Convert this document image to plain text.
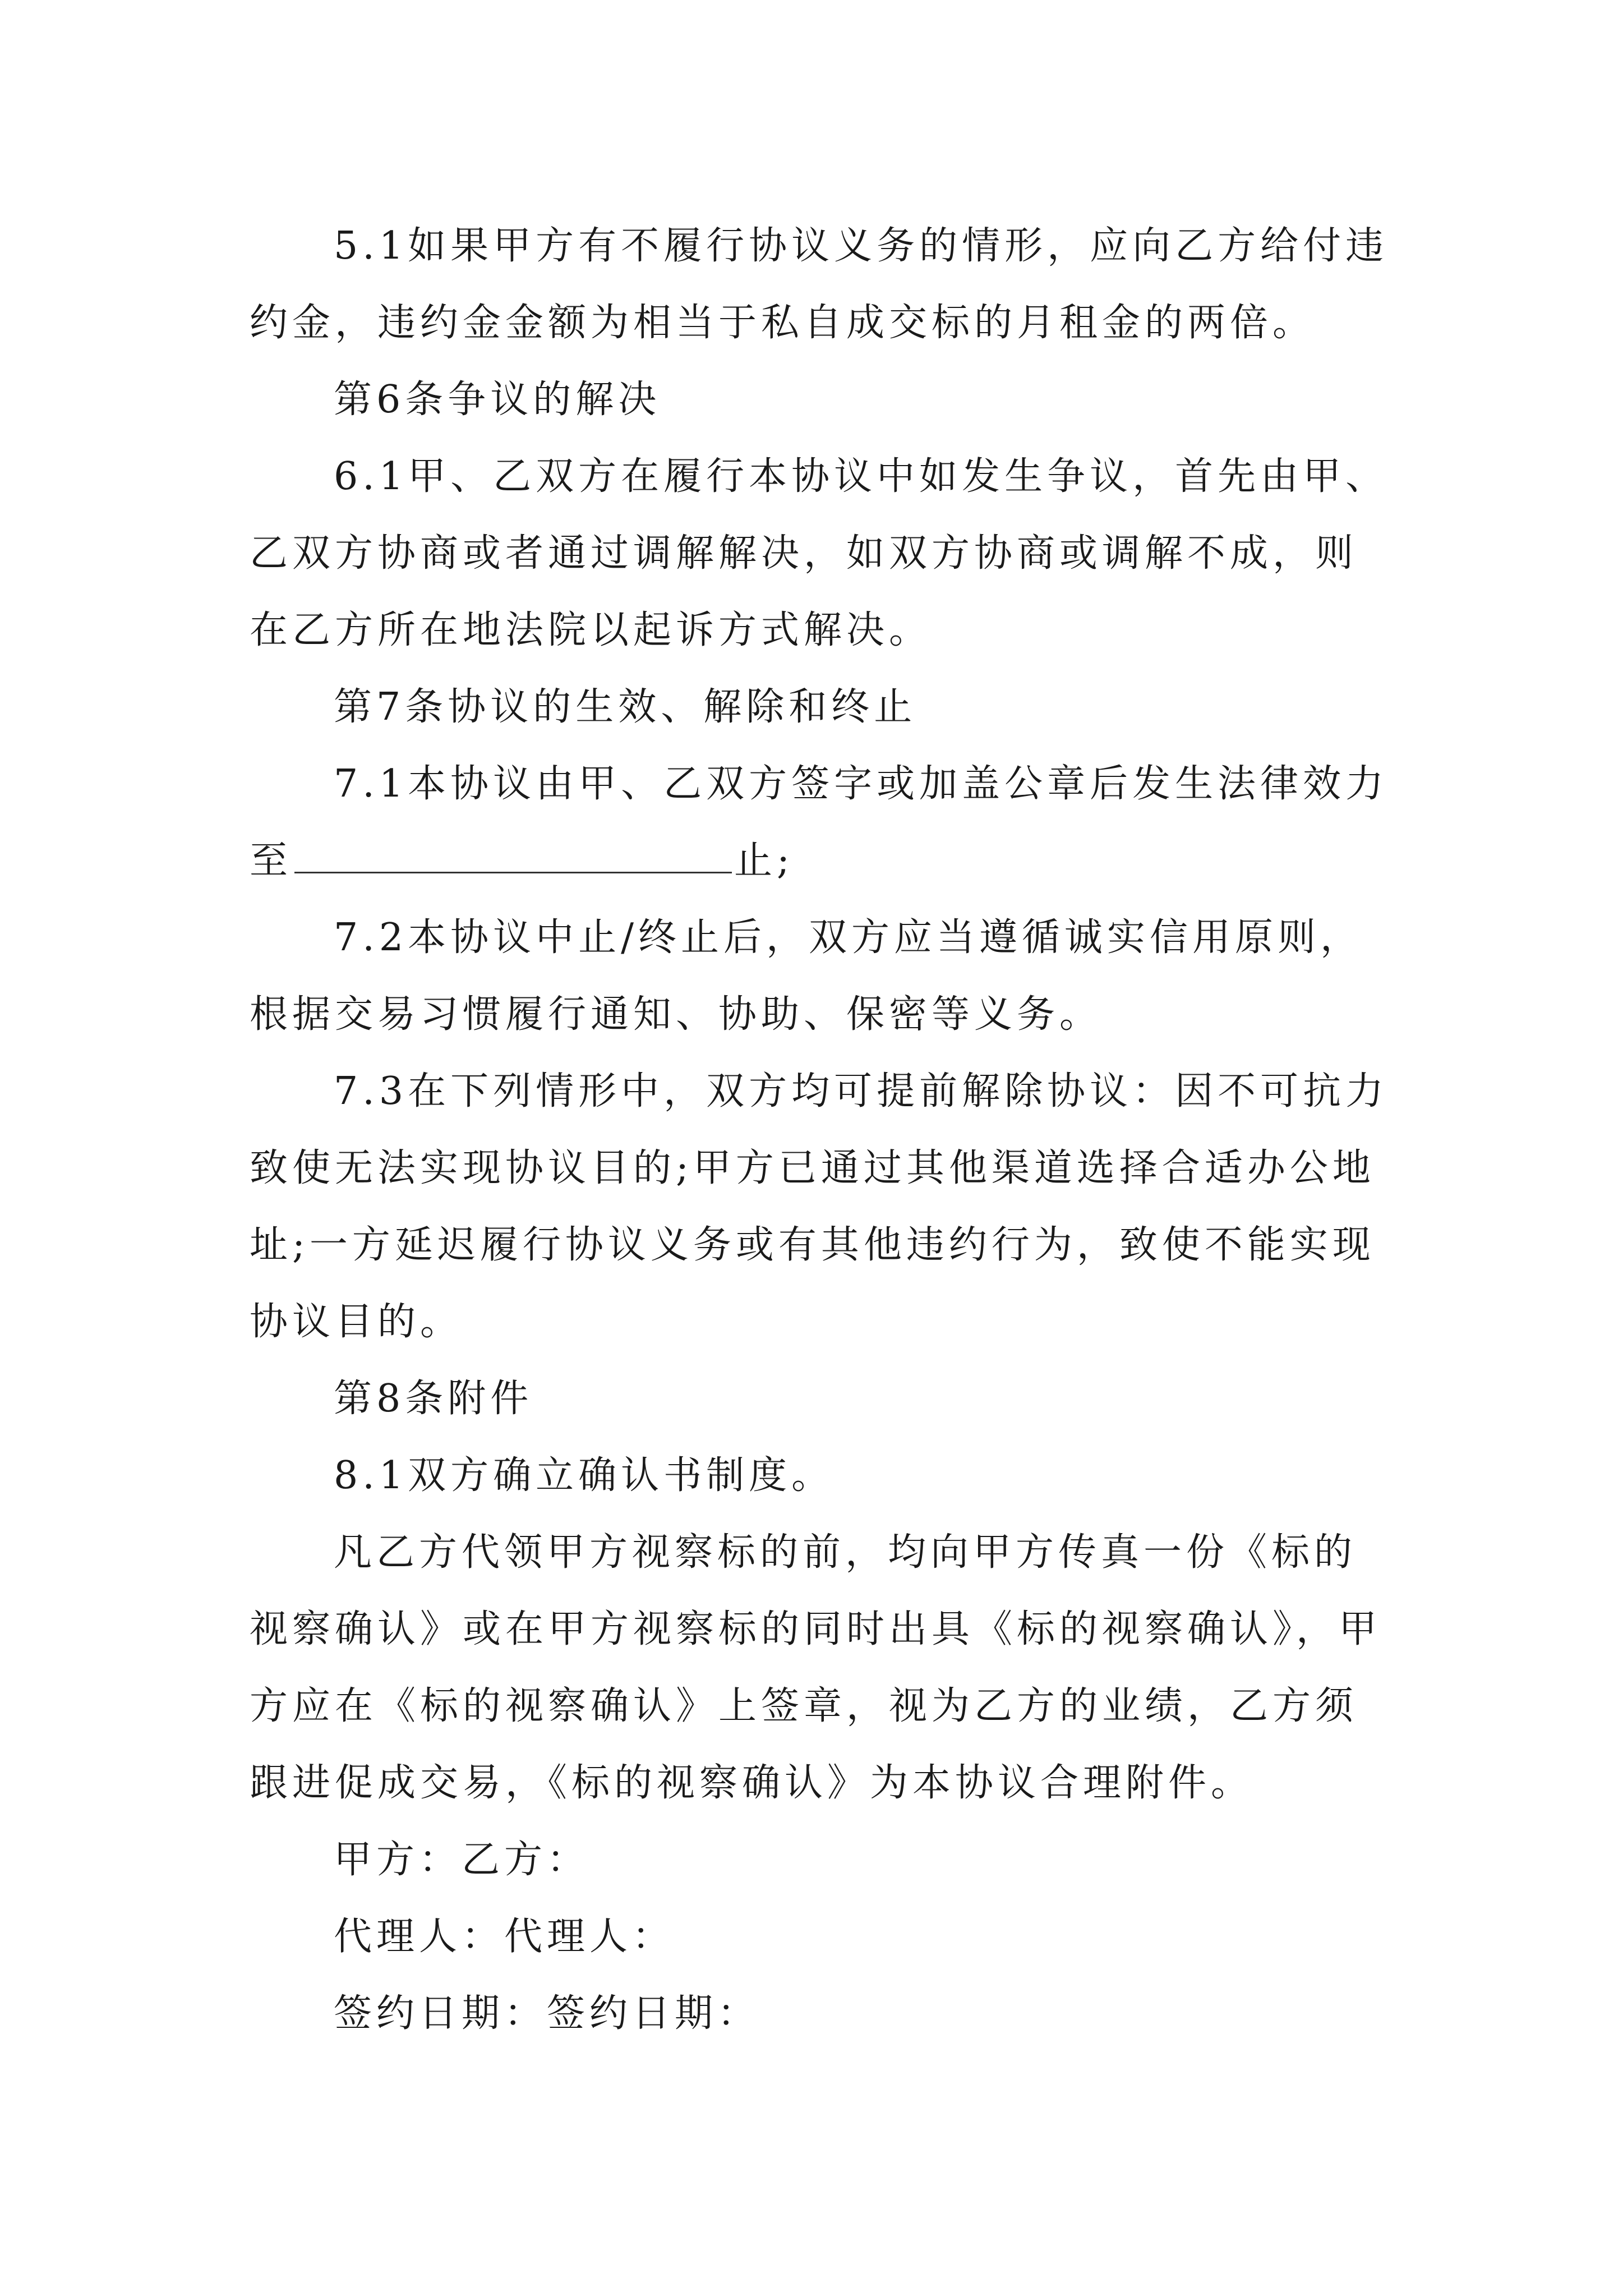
5.1如果甲方有不履行协议义务的情形，应向乙方给付违约金，违约金金额为相当于私自成交标的月租金的两倍。

第6条争议的解决

6.1甲、乙双方在履行本协议中如发生争议，首先由甲、乙双方协商或者通过调解解决，如双方协商或调解不成，则在乙方所在地法院以起诉方式解决。

第7条协议的生效、解除和终止

7.1本协议由甲、乙双方签字或加盖公章后发生法律效力至	止;

7.2本协议中止/终止后，双方应当遵循诚实信用原则，根据交易习惯履行通知、协助、保密等义务。

7.3在下列情形中，双方均可提前解除协议：因不可抗力致使无法实现协议目的;甲方已通过其他渠道选择合适办公地址;一方延迟履行协议义务或有其他违约行为，致使不能实现协议目的。

第8条附件

8.1双方确立确认书制度。

凡乙方代领甲方视察标的前，均向甲方传真一份《标的视察确认》或在甲方视察标的同时出具《标的视察确认》，甲方应在《标的视察确认》上签章，视为乙方的业绩，乙方须跟进促成交易，《标的视察确认》为本协议合理附件。

甲方：乙方：

代理人：代理人：

签约日期：签约日期：
